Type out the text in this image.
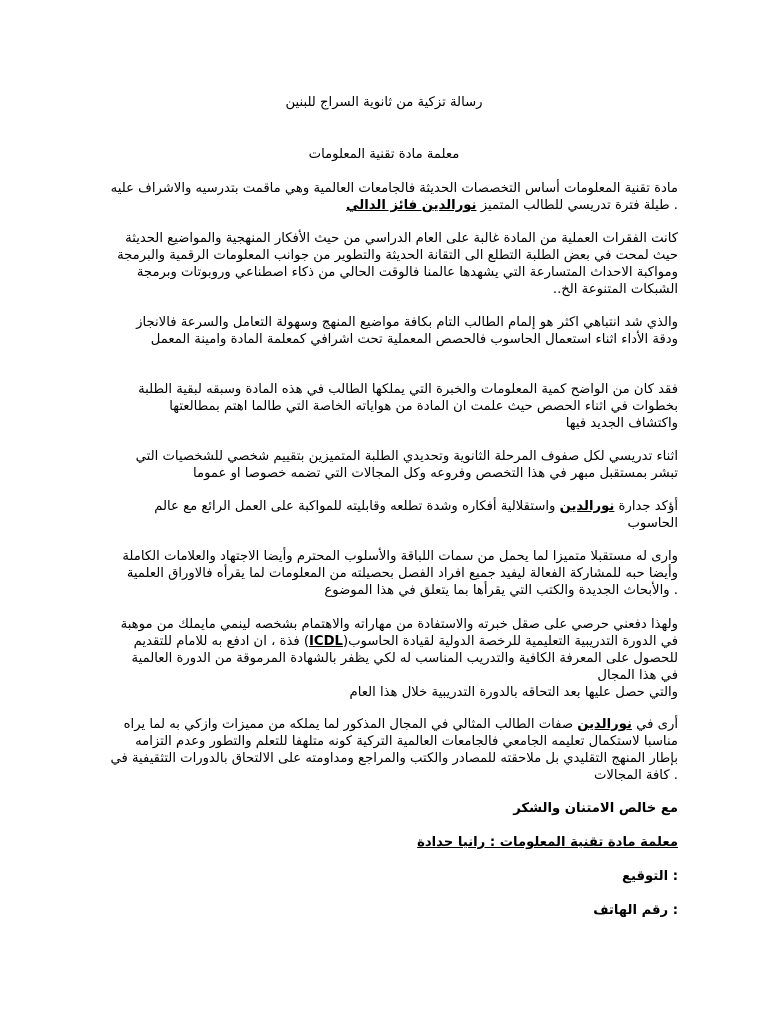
رسالة تزكية من ثانوية السراج للبنين
معلمة مادة تقنية المعلومات
مادة تقنية المعلومات أساس التخصصات الحديثة فالجامعات العالمية وهي ماقمت بتدرسيه والاشراف عليه
. طيلة فترة تدريسي للطالب المتميز نورالدين فائز الدالي
كانت الفقرات العملية من المادة غالبة على العام الدراسي من حيث الأفكار المنهجية والمواضيع الحديثة
حيث لمحت في بعض الطلبة التطلع الى التقانة الحديثة والتطوير من جوانب المعلومات الرقمية والبرمجة
ومواكبة الاحداث المتسارعة التي يشهدها عالمنا فالوقت الحالي من ذكاء اصطناعي وروبوتات وبرمجة
الشبكات المتنوعة الخ..
والذي شد انتباهي اكثر هو إلمام الطالب التام بكافة مواضيع المنهج وسهولة التعامل والسرعة فالانجاز
ودقة الأداء اثناء استعمال الحاسوب فالحصص المعملية تحت اشرافي كمعلمة المادة وامينة المعمل
فقد كان من الواضح كمية المعلومات والخبرة التي يملكها الطالب في هذه المادة وسبقه لبقية الطلبة
بخطوات في اثناء الحصص حيث علمت ان المادة من هواياته الخاصة التي طالما اهتم بمطالعتها
واكتشاف الجديد فيها
اثناء تدريسي لكل صفوف المرحلة الثانوية وتحديدي الطلبة المتميزين بتقييم شخصي للشخصيات التي
تبشر بمستقبل مبهر في هذا التخصص وفروعه وكل المجالات التي تضمه خصوصا او عموما
أؤكد جدارة نورالدين واستقلالية أفكاره وشدة تطلعه وقابليته للمواكبة على العمل الرائع مع عالم
الحاسوب
وارى له مستقبلا متميزا لما يحمل من سمات اللباقة والأسلوب المحترم وأيضا الاجتهاد والعلامات الكاملة
وأيضا حبه للمشاركة الفعالة ليفيد جميع افراد الفصل بحصيلته من المعلومات لما يقرأه فالاوراق العلمية
. والأبحاث الجديدة والكتب التي يقرأها بما يتعلق في هذا الموضوع
ولهذا دفعني حرصي على صقل خبرته والاستفادة من مهاراته والاهتمام بشخصه لينمي مايملك من موهبة
في الدورة التدريبية التعليمية للرخصة الدولية لقيادة الحاسوب(ICDL) فذة ، ان ادفع به للامام للتقديم
للحصول على المعرفة الكافية والتدريب المناسب له لكي يظفر بالشهادة المرموقة من الدورة العالمية
في هذا المجال
والتي حصل عليها بعد التحاقه بالدورة التدريبية خلال هذا العام
أرى في نورالدين صفات الطالب المثالي في المجال المذكور لما يملكه من مميزات وازكي به لما يراه
مناسبا لاستكمال تعليمه الجامعي فالجامعات العالمية التركية كونه متلهفا للتعلم والتطور وعدم التزامه
بإطار المنهج التقليدي بل ملاحقته للمصادر والكتب والمراجع ومداومته على الالتحاق بالدورات التثقيفية في
. كافة المجالات
مع خالص الامتنان والشكر
معلمة مادة تقنية المعلومات : رانيا حدادة
: التوقيع
: رقم الهاتف
